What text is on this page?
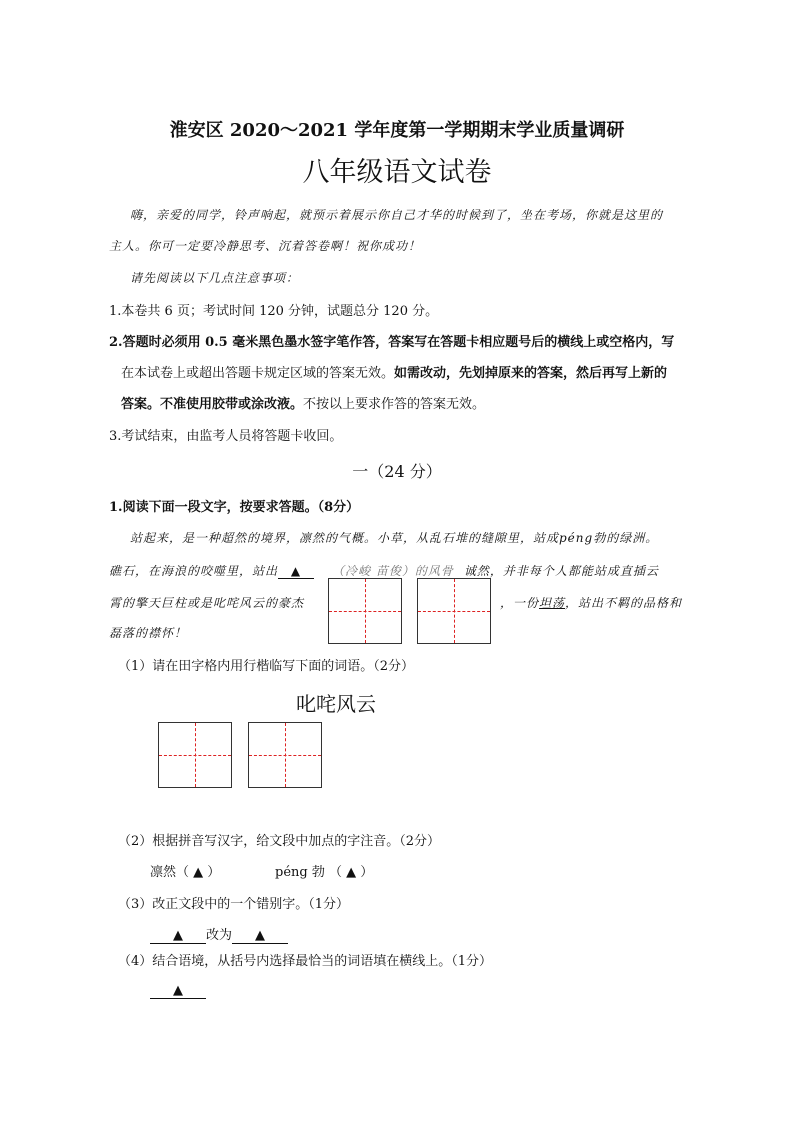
淮安区 2020～2021 学年度第一学期期末学业质量调研
八年级语文试卷
嗨，亲爱的同学，铃声响起，就预示着展示你自己才华的时候到了，坐在考场，你就是这里的
主人。你可一定要冷静思考、沉着答卷啊！祝你成功！
请先阅读以下几点注意事项：
1.本卷共 6 页；考试时间 120 分钟，试题总分 120 分。
2.答题时必须用 0.5 毫米黑色墨水签字笔作答，答案写在答题卡相应题号后的横线上或空格内，写
在本试卷上或超出答题卡规定区域的答案无效。如需改动，先划掉原来的答案，然后再写上新的
答案。不准使用胶带或涂改液。不按以上要求作答的答案无效。
3.考试结束，由监考人员将答题卡收回。
一（24 分）
1.阅读下面一段文字，按要求答题。（8分）
站起来，是一种超然的境界，凛然的气概。小草，从乱石堆的缝隙里，站成péng勃的绿洲。
礁石，在海浪的咬噬里，站出 ▲	（冷峻 苗俊）的风骨 诚然，并非每个人都能站成直插云
霄的擎天巨柱或是叱咤风云的豪杰	，一份坦荡，站出不羁的品格和
磊落的襟怀！
（1）请在田字格内用行楷临写下面的词语。（2分）
叱咤风云
（2）根据拼音写汉字，给文段中加点的字注音。（2分）
凛然（ ▲ ）	péng 勃 （ ▲ ）
（3）改正文段中的一个错别字。（1分）
▲ 改为 ▲
（4）结合语境，从括号内选择最恰当的词语填在横线上。（1分）
▲
